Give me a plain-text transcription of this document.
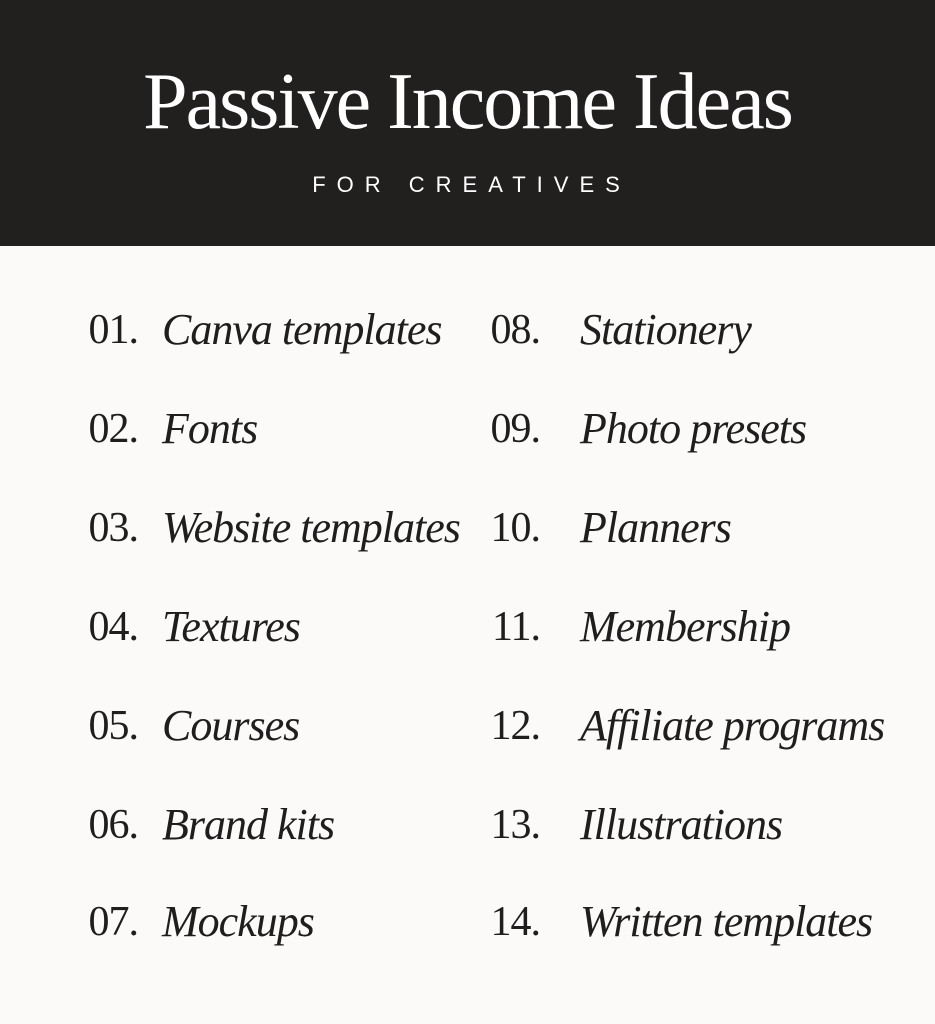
Passive Income Ideas
FOR CREATIVES
01. Canva templates
02. Fonts
03. Website templates
04. Textures
05. Courses
06. Brand kits
07. Mockups
08. Stationery
09. Photo presets
10. Planners
11. Membership
12. Affiliate programs
13. Illustrations
14. Written templates
